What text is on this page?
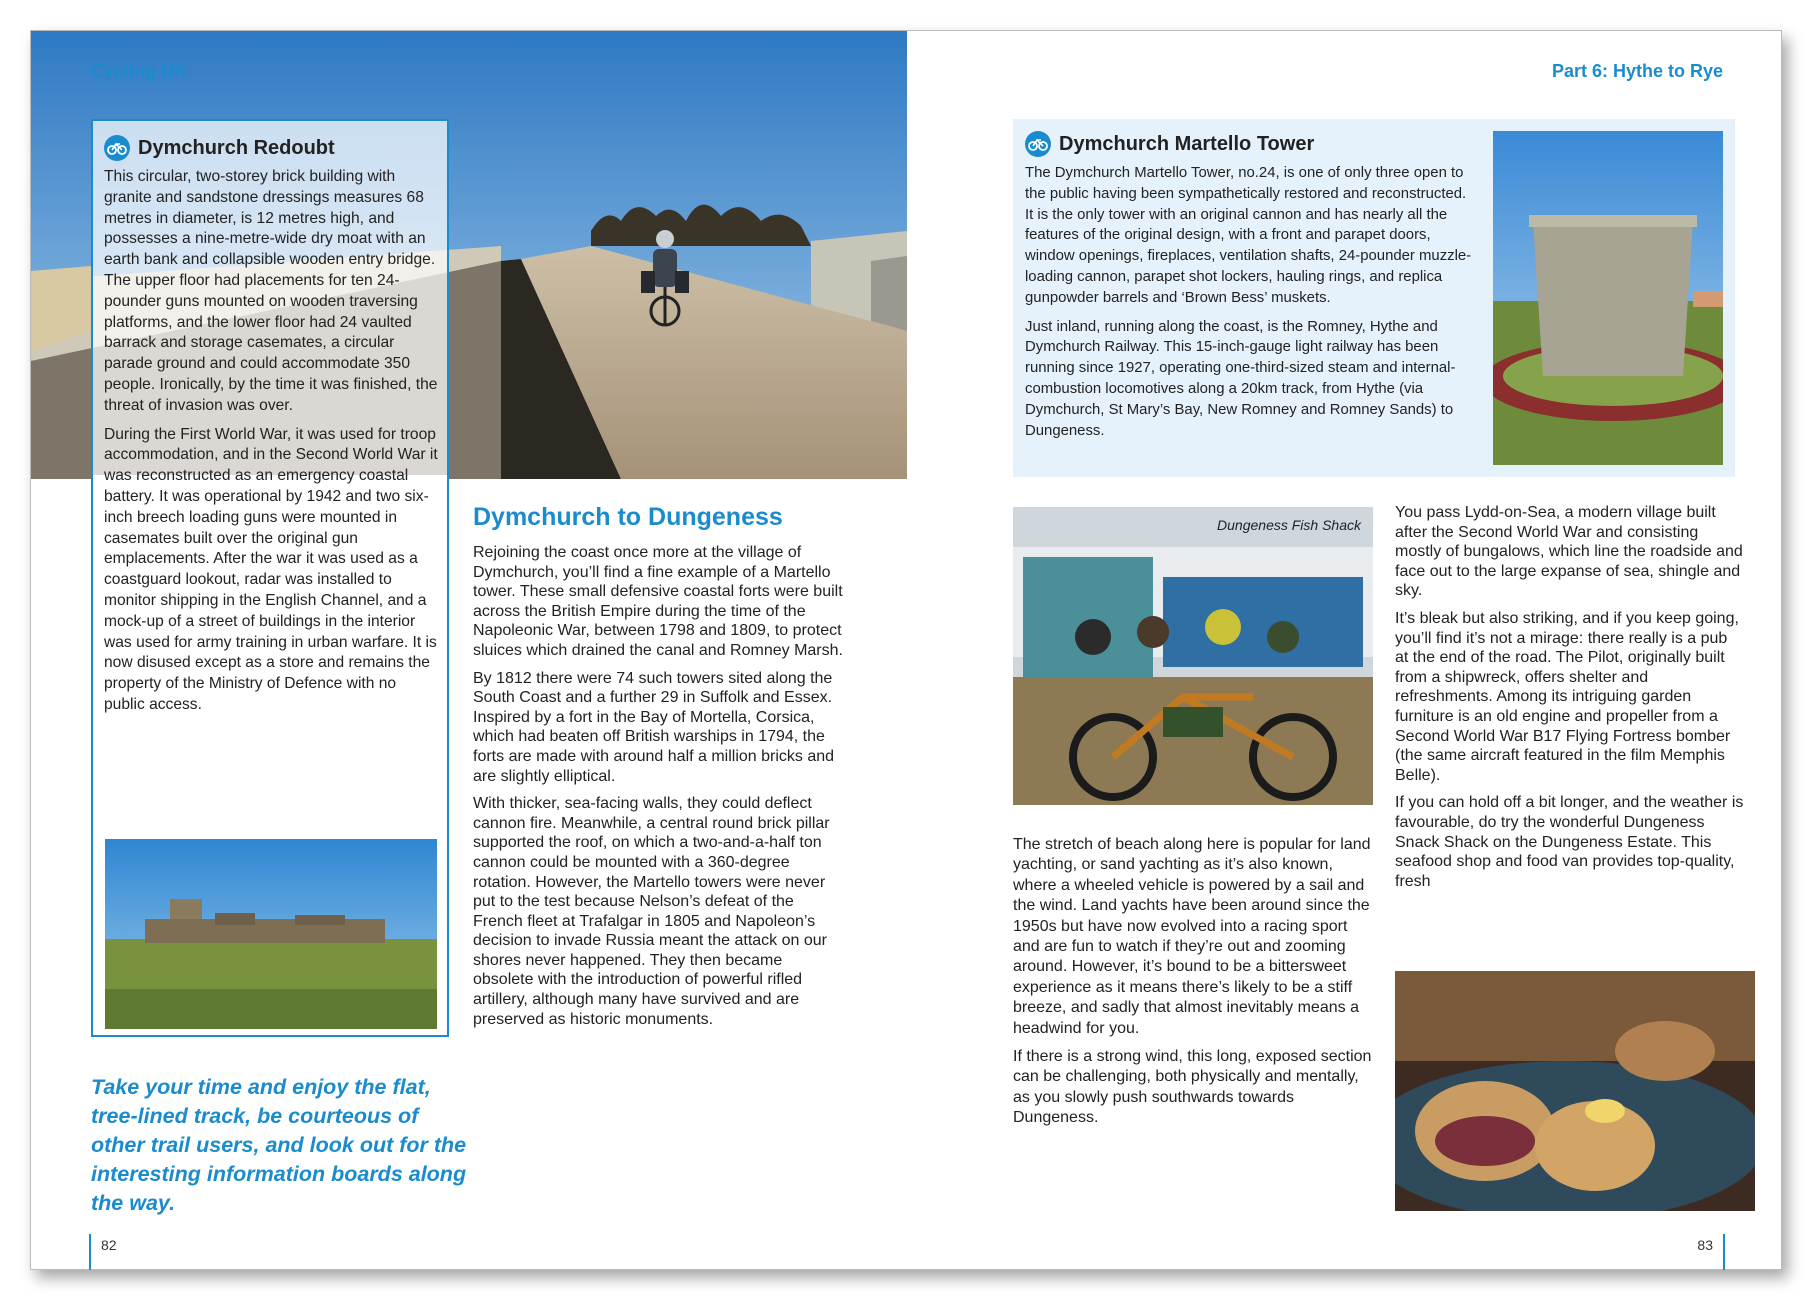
Cycling UK
Dymchurch Redoubt

This circular, two-storey brick building with granite and sandstone dressings measures 68 metres in diameter, is 12 metres high, and possesses a nine-metre-wide dry moat with an earth bank and collapsible wooden entry bridge. The upper floor had placements for ten 24-pounder guns mounted on wooden traversing platforms, and the lower floor had 24 vaulted barrack and storage casemates, a circular parade ground and could accommodate 350 people. Ironically, by the time it was finished, the threat of invasion was over.

During the First World War, it was used for troop accommodation, and in the Second World War it was reconstructed as an emergency coastal battery. It was operational by 1942 and two six-inch breech loading guns were mounted in casemates built over the original gun emplacements. After the war it was used as a coastguard lookout, radar was installed to monitor shipping in the English Channel, and a mock-up of a street of buildings in the interior was used for army training in urban warfare. It is now disused except as a store and remains the property of the Ministry of Defence with no public access.

Take your time and enjoy the flat, tree-lined track, be courteous of other trail users, and look out for the interesting information boards along the way.
Dymchurch to Dungeness

Rejoining the coast once more at the village of Dymchurch, you’ll find a fine example of a Martello tower. These small defensive coastal forts were built across the British Empire during the time of the Napoleonic War, between 1798 and 1809, to protect sluices which drained the canal and Romney Marsh.

By 1812 there were 74 such towers sited along the South Coast and a further 29 in Suffolk and Essex. Inspired by a fort in the Bay of Mortella, Corsica, which had beaten off British warships in 1794, the forts are made with around half a million bricks and are slightly elliptical.

With thicker, sea-facing walls, they could deflect cannon fire. Meanwhile, a central round brick pillar supported the roof, on which a two-and-a-half ton cannon could be mounted with a 360-degree rotation. However, the Martello towers were never put to the test because Nelson’s defeat of the French fleet at Trafalgar in 1805 and Napoleon’s decision to invade Russia meant the attack on our shores never happened. They then became obsolete with the introduction of powerful rifled artillery, although many have survived and are preserved as historic monuments.

82
Part 6: Hythe to Rye
Dymchurch Martello Tower

The Dymchurch Martello Tower, no.24, is one of only three open to the public having been sympathetically restored and reconstructed. It is the only tower with an original cannon and has nearly all the features of the original design, with a front and parapet doors, window openings, fireplaces, ventilation shafts, 24-pounder muzzle-loading cannon, parapet shot lockers, hauling rings, and replica gunpowder barrels and ‘Brown Bess’ muskets.

Just inland, running along the coast, is the Romney, Hythe and Dymchurch Railway. This 15-inch-gauge light railway has been running since 1927, operating one-third-sized steam and internal-combustion locomotives along a 20km track, from Hythe (via Dymchurch, St Mary’s Bay, New Romney and Romney Sands) to Dungeness.

Dungeness Fish Shack

The stretch of beach along here is popular for land yachting, or sand yachting as it’s also known, where a wheeled vehicle is powered by a sail and the wind. Land yachts have been around since the 1950s but have now evolved into a racing sport and are fun to watch if they’re out and zooming around. However, it’s bound to be a bittersweet experience as it means there’s likely to be a stiff breeze, and sadly that almost inevitably means a headwind for you.

If there is a strong wind, this long, exposed section can be challenging, both physically and mentally, as you slowly push southwards towards Dungeness.

You pass Lydd-on-Sea, a modern village built after the Second World War and consisting mostly of bungalows, which line the roadside and face out to the large expanse of sea, shingle and sky.

It’s bleak but also striking, and if you keep going, you’ll find it’s not a mirage: there really is a pub at the end of the road. The Pilot, originally built from a shipwreck, offers shelter and refreshments. Among its intriguing garden furniture is an old engine and propeller from a Second World War B17 Flying Fortress bomber (the same aircraft featured in the film Memphis Belle).

If you can hold off a bit longer, and the weather is favourable, do try the wonderful Dungeness Snack Shack on the Dungeness Estate. This seafood shop and food van provides top-quality, fresh

83
